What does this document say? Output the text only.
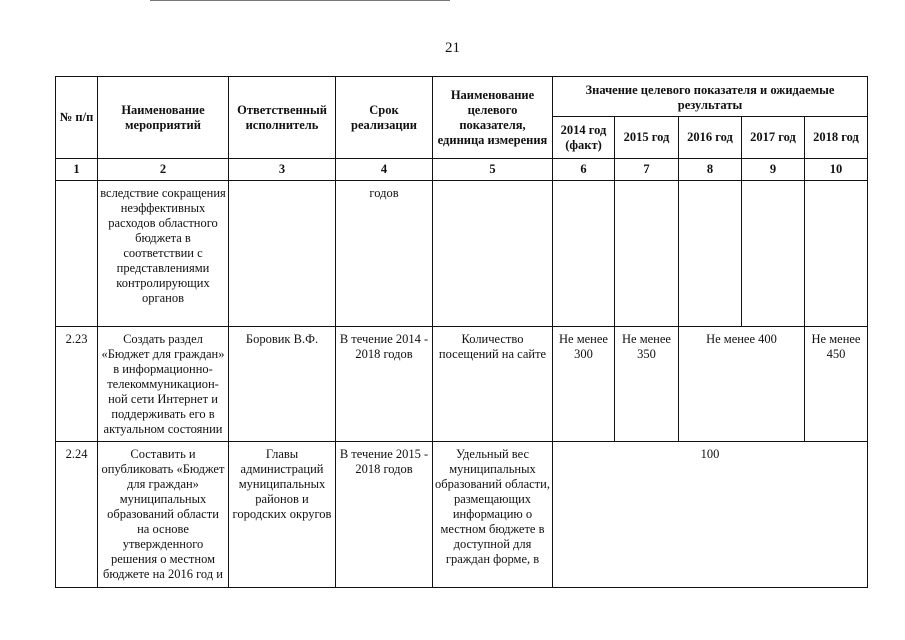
21
№ п/п	Наименование мероприятий	Ответственный исполнитель	Срок реализации	Наименование целевого показателя, единица измерения	Значение целевого показателя и ожидаемые результаты				
					2014 год (факт)	2015 год	2016 год	2017 год	2018 год
1	2	3	4	5	6	7	8	9	10
	вследствие сокращения неэффективных расходов областного бюджета в соответствии с представлениями контролирующих органов		годов						
2.23	Создать раздел «Бюджет для граждан» в информационно-телекоммуникацион-ной сети Интернет и поддерживать его в актуальном состоянии	Боровик В.Ф.	В течение 2014 - 2018 годов	Количество посещений на сайте	Не менее 300	Не менее 350	Не менее 400		Не менее 450
2.24	Составить и опубликовать «Бюджет для граждан» муниципальных образований области на основе утвержденного решения о местном бюджете на 2016 год и	Главы администраций муниципальных районов и городских округов	В течение 2015 - 2018 годов	Удельный вес муниципальных образований области, размещающих информацию о местном бюджете в доступной для граждан форме, в	100				
